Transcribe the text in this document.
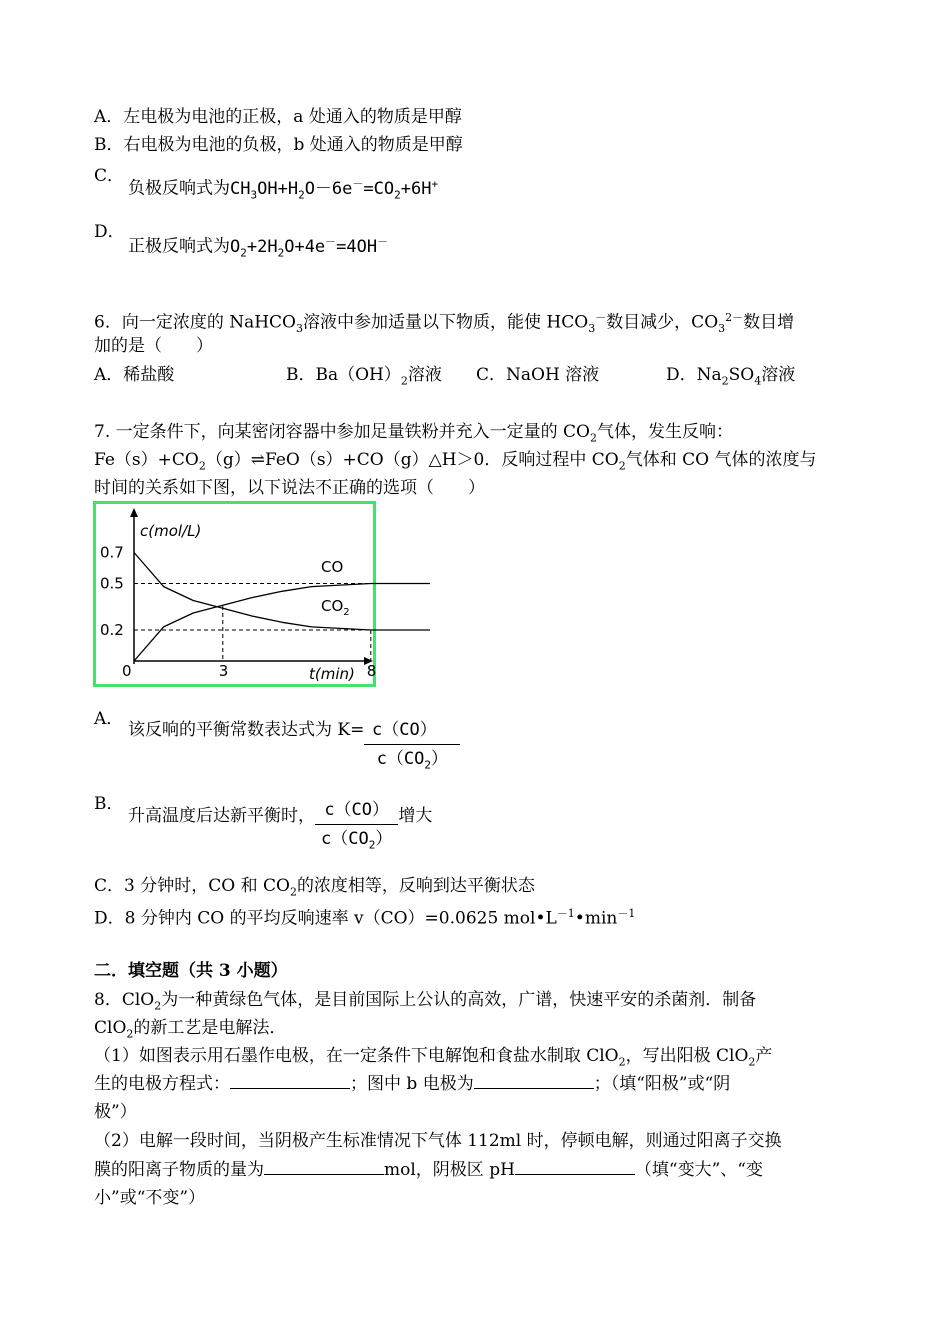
A．左电极为电池的正极，a 处通入的物质是甲醇
B．右电极为电池的负极，b 处通入的物质是甲醇
C．
负极反响式为$CH_3OH+H_2O-6e^-=CO_2+6H^+$
D．
正极反响式为$O_2+2H_2O+4e^-=4OH^-$
6．向一定浓度的 NaHCO$_3$溶液中参加适量以下物质，能使 $HCO_3^-$数目减少，$CO_3^{2-}$数目增
加的是（　　）
A．稀盐酸	B．$Ba(OH)_2$溶液 C．NaOH 溶液	D．$Na_2SO_4$溶液
7. 一定条件下，向某密闭容器中参加足量铁粉并充入一定量的 $CO_2$气体，发生反响：
$Fe(s)+CO_2(g)\rightleftharpoons FeO(s)+CO(g)\triangle H>0$．反响过程中 $CO_2$气体和 CO 气体的浓度与
时间的关系如下图，以下说法不正确的选项（　　）
c(mol/L)
t(min)
CO
$CO_2$
0.7
0.5
0.2
0	3	8
A．
该反响的平衡常数表达式为 $K= \frac{c(CO)}{c(CO_2)}$
B．
升高温度后达新平衡时， $\frac{c(CO)}{c(CO_2)}$ 增大
C．3 分钟时，CO 和 $CO_2$的浓度相等，反响到达平衡状态
D．8 分钟内 CO 的平均反响速率 v（CO）=0.0625 $mol•L^{-1}•\min^{-1}$
二．填空题（共 3 小题）
8．ClO$_2$为一种黄绿色气体，是目前国际上公认的高效，广谱，快速平安的杀菌剂．制备
ClO$_2$的新工艺是电解法．
（1）如图表示用石墨作电极，在一定条件下电解饱和食盐水制取 ClO$_2$，写出阳极 ClO$_2$产
生的电极方程式：	；图中 b 电极为	；（填“阳极”或“阴
极”）
（2）电解一段时间，当阴极产生标准情况下气体 112ml 时，停顿电解，则通过阳离子交换
膜的阳离子物质的量为	mol，阴极区 pH	（填“变大”、“变
小”或“不变”）
